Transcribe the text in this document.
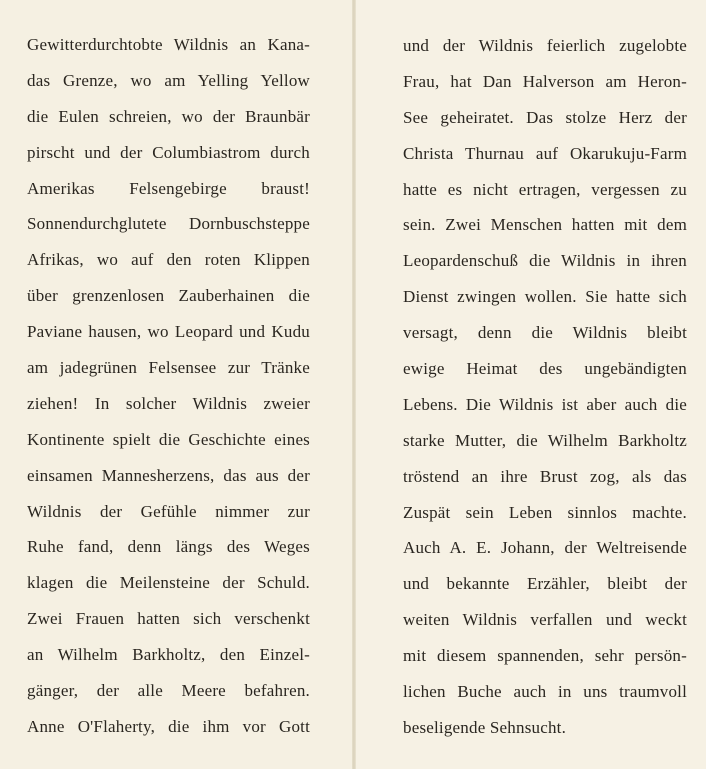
Gewitterdurchtobte Wildnis an Kana-
das Grenze, wo am Yelling Yellow
die Eulen schreien, wo der Braunbär
pirscht und der Columbiastrom durch
Amerikas Felsengebirge braust!
Sonnendurchglutete Dornbuschsteppe
Afrikas, wo auf den roten Klippen
über grenzenlosen Zauberhainen die
Paviane hausen, wo Leopard und Kudu
am jadegrünen Felsensee zur Tränke
ziehen! In solcher Wildnis zweier
Kontinente spielt die Geschichte eines
einsamen Mannesherzens, das aus der
Wildnis der Gefühle nimmer zur
Ruhe fand, denn längs des Weges
klagen die Meilensteine der Schuld.
Zwei Frauen hatten sich verschenkt
an Wilhelm Barkholtz, den Einzel-
gänger, der alle Meere befahren.
Anne O'Flaherty, die ihm vor Gott
und der Wildnis feierlich zugelobte
Frau, hat Dan Halverson am Heron-
See geheiratet. Das stolze Herz der
Christa Thurnau auf Okarukuju-Farm
hatte es nicht ertragen, vergessen zu
sein. Zwei Menschen hatten mit dem
Leopardenschuß die Wildnis in ihren
Dienst zwingen wollen. Sie hatte sich
versagt, denn die Wildnis bleibt
ewige Heimat des ungebändigten
Lebens. Die Wildnis ist aber auch die
starke Mutter, die Wilhelm Barkholtz
tröstend an ihre Brust zog, als das
Zuspät sein Leben sinnlos machte.
Auch A. E. Johann, der Weltreisende
und bekannte Erzähler, bleibt der
weiten Wildnis verfallen und weckt
mit diesem spannenden, sehr persön-
lichen Buche auch in uns traumvoll
beseligende Sehnsucht.
